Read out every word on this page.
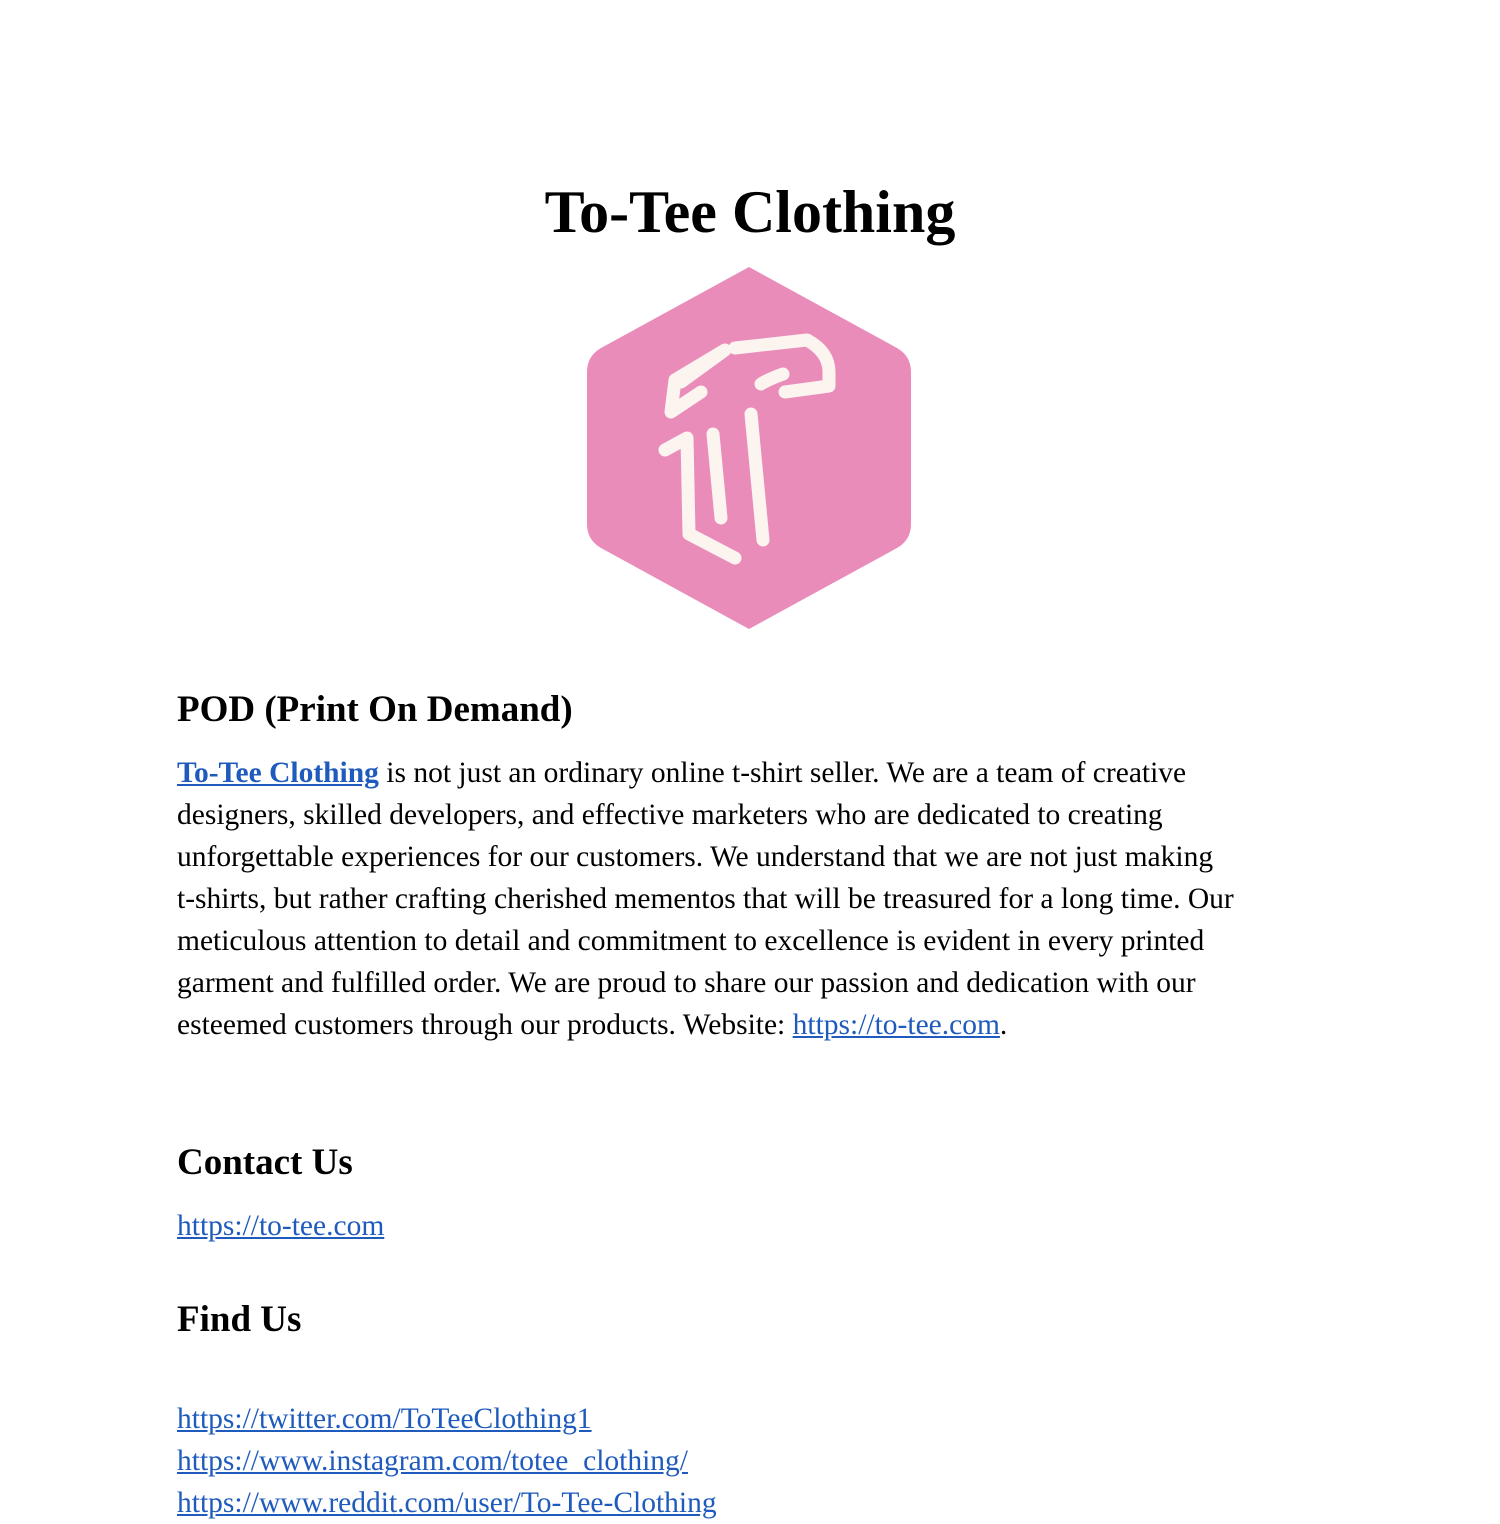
To-Tee Clothing
POD (Print On Demand)

To-Tee Clothing is not just an ordinary online t-shirt seller. We are a team of creative
designers, skilled developers, and effective marketers who are dedicated to creating
unforgettable experiences for our customers. We understand that we are not just making
t-shirts, but rather crafting cherished mementos that will be treasured for a long time. Our
meticulous attention to detail and commitment to excellence is evident in every printed
garment and fulfilled order. We are proud to share our passion and dedication with our
esteemed customers through our products. Website: https://to-tee.com.

Contact Us
https://to-tee.com
Find Us
https://twitter.com/ToTeeClothing1
https://www.instagram.com/totee_clothing/
https://www.reddit.com/user/To-Tee-Clothing
